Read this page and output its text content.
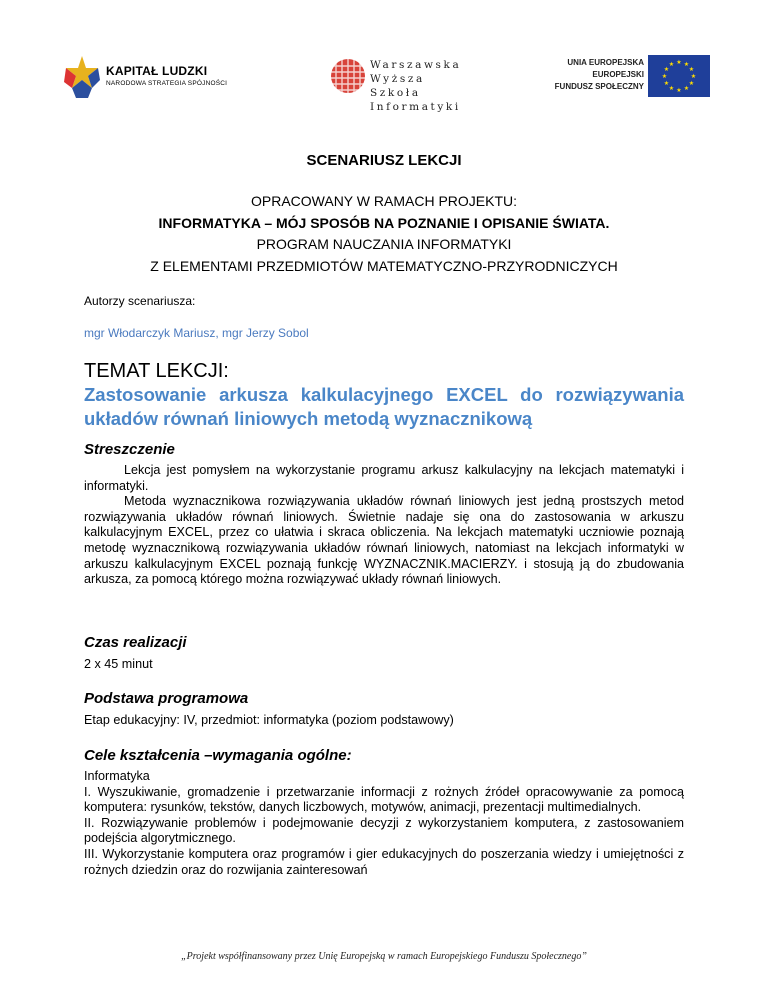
KAPITAŁ LUDZKI
NARODOWA STRATEGIA SPÓJNOŚCI
Warszawska
Wyższa Szkoła
Informatyki
UNIA EUROPEJSKA
EUROPEJSKI
FUNDUSZ SPOŁECZNY
★ ★
★
★
★
★
★
★
★
★
★
★
SCENARIUSZ LEKCJI
OPRACOWANY W RAMACH PROJEKTU:
INFORMATYKA – MÓJ SPOSÓB NA POZNANIE I OPISANIE ŚWIATA.
PROGRAM NAUCZANIA INFORMATYKI
Z ELEMENTAMI PRZEDMIOTÓW MATEMATYCZNO-PRZYRODNICZYCH
Autorzy scenariusza:
mgr Włodarczyk Mariusz, mgr Jerzy Sobol
TEMAT LEKCJI:
Zastosowanie arkusza kalkulacyjnego EXCEL do rozwiązywania układów równań liniowych metodą wyznacznikową
Streszczenie
Lekcja jest pomysłem na wykorzystanie programu arkusz kalkulacyjny na lekcjach matematyki i informatyki.
Metoda wyznacznikowa rozwiązywania układów równań liniowych jest jedną prostszych metod rozwiązywania układów równań liniowych. Świetnie nadaje się ona do zastosowania w arkuszu kalkulacyjnym EXCEL, przez co ułatwia i skraca obliczenia. Na lekcjach matematyki uczniowie poznają metodę wyznacznikową rozwiązywania układów równań liniowych, natomiast na lekcjach informatyki w arkuszu kalkulacyjnym EXCEL poznają funkcję WYZNACZNIK.MACIERZY. i stosują ją do zbudowania arkusza, za pomocą którego można rozwiązywać układy równań liniowych.
Czas realizacji
2 x 45 minut
Podstawa programowa
Etap edukacyjny: IV, przedmiot: informatyka (poziom podstawowy)
Cele kształcenia –wymagania ogólne:
Informatyka
I. Wyszukiwanie, gromadzenie i przetwarzanie informacji z rożnych źródeł opracowywanie za pomocą komputera: rysunków, tekstów, danych liczbowych, motywów, animacji, prezentacji multimedialnych.
II. Rozwiązywanie problemów i podejmowanie decyzji z wykorzystaniem komputera, z zastosowaniem podejścia algorytmicznego.
III. Wykorzystanie komputera oraz programów i gier edukacyjnych do poszerzania wiedzy i umiejętności z rożnych dziedzin oraz do rozwijania zainteresowań
„Projekt współfinansowany przez Unię Europejską w ramach Europejskiego Funduszu Społecznego”
